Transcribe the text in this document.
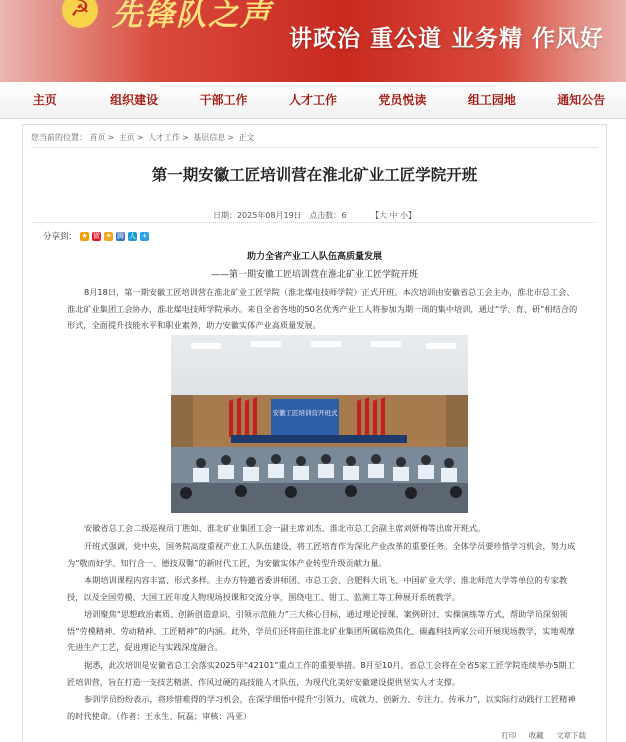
☭ 先锋队之声
讲政治 重公道 业务精 作风好
主页	组织建设	干部工作	人才工作	党员悦读	组工园地	通知公告
您当前的位置： 首页 > 主页 > 人才工作 > 基层信息 > 正文
第一期安徽工匠培训营在淮北矿业工匠学院开班
日期：2025年08月19日 点击数：6	【大 中 小】
分享到： ★ 微 ✦ 腾 人 +
助力全省产业工人队伍高质量发展
——第一期安徽工匠培训营在淮北矿业工匠学院开班

8月18日，第一期安徽工匠培训营在淮北矿业工匠学院（淮北煤电技师学院）正式开班。本次培训由安徽省总工会主办，淮北市总工会、淮北矿业集团工会协办，淮北煤电技师学院承办。来自全省各地的50名优秀产业工人将参加为期一周的集中培训，通过“学、育、研”相结合的形式，全面提升技能水平和职业素养，助力安徽实体产业高质量发展。

安徽工匠培训营开班式

安徽省总工会二级巡视员丁胜如、淮北矿业集团工会一副主席刘杰、淮北市总工会副主席刘妍梅等出席开班式。

开班式强调，党中央、国务院高度重视产业工人队伍建设，将工匠培育作为深化产业改革的重要任务。全体学员要珍惜学习机会，努力成为“敬而好学、知行合一、德技双馨”的新时代工匠，为安徽实体产业转型升级贡献力量。

本期培训课程内容丰富、形式多样。主办方特邀省委讲师团、市总工会、合肥科大讯飞、中国矿业大学、淮北师范大学等单位的专家教授，以及全国劳模、大国工匠年度人物现场授课和交流分享，围绕电工、钳工、监测工等工种展开系统教学。

培训聚焦“思想政治素质、创新创造意识、引领示范能力”三大核心目标，通过理论授课、案例研讨、实操演练等方式，帮助学员深刻领悟“劳模精神、劳动精神、工匠精神”的内涵。此外，学员们还将前往淮北矿业集团所属临涣焦化、碳鑫科技两家公司开展现场教学，实地观摩先进生产工艺，促进理论与实践深度融合。

据悉，此次培训是安徽省总工会落实2025年“42101”重点工作的重要举措。8月至10月，省总工会将在全省5家工匠学院连续举办5期工匠培训营，旨在打造一支技艺精湛、作风过硬的高技能人才队伍，为现代化美好安徽建设提供坚实人才支撑。

参训学员纷纷表示，将珍惜难得的学习机会，在深学细悟中提升“引领力、成就力、创新力、专注力、传承力”，以实际行动践行工匠精神的时代使命。（作者：王永生、阮磊；审核：冯亚）

打印 收藏 文章下载
